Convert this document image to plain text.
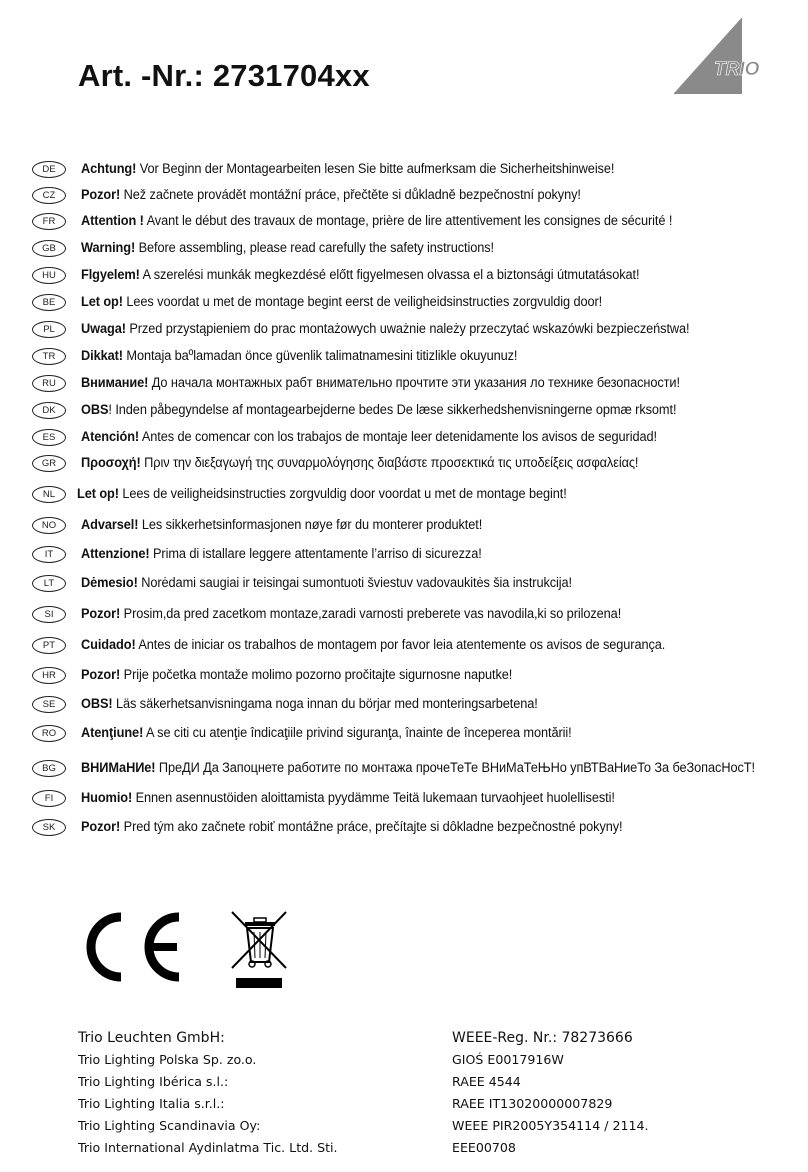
Art. -Nr.: 2731704xx	TRIO
DE	Achtung! Vor Beginn der Montagearbeiten lesen Sie bitte aufmerksam die Sicherheitshinweise!
CZ	Pozor! Než začnete provádět montážní práce, přečtěte si důkladně bezpečnostní pokyny!
FR	Attention ! Avant le début des travaux de montage, prière de lire attentivement les consignes de sécurité !
GB	Warning! Before assembling, please read carefully the safety instructions!
HU	Flgyelem! A szerelési munkák megkezdésé előtt figyelmesen olvassa el a biztonsági útmutatásokat!
BE	Let op! Lees voordat u met de montage begint eerst de veiligheidsinstructies zorgvuldig door!
PL	Uwaga! Przed przystąpieniem do prac montażowych uważnie należy przeczytać wskazówki bezpieczeństwa!
TR	Dikkat! Montaja baºlamadan önce güvenlik talimatnamesini titizlikle okuyunuz!
RU	Внимание! До начала монтажных рабт внимательно прочтите эти указания ло технике безопасности!
DK	OBS! Inden påbegyndelse af montagearbejderne bedes De læse sikkerhedshenvisningerne opmæ rksomt!
ES	Atención! Antes de comencar con los trabajos de montaje leer detenidamente los avisos de seguridad!
GR	Προσοχή! Πριν την διεξαγωγή της συναρμολόγησης διαβάστε προσεκτικά τις υποδείξεις ασφαλείας!
NL	Let op! Lees de veiligheidsinstructies zorgvuldig door voordat u met de montage begint!
NO	Advarsel! Les sikkerhetsinformasjonen nøye før du monterer produktet!
IT	Attenzione! Prima di istallare leggere attentamente l’arriso di sicurezza!
LT	Dėmesio! Norėdami saugiai ir teisingai sumontuoti šviestuv vadovaukitės šia instrukcija!
SI	Pozor! Prosim,da pred zacetkom montaze,zaradi varnosti preberete vas navodila,ki so prilozena!
PT	Cuidado! Antes de iniciar os trabalhos de montagem por favor leia atentemente os avisos de segurança.
HR	Pozor! Prije početka montaže molimo pozorno pročitajte sigurnosne naputke!
SE	OBS! Läs säkerhetsanvisningama noga innan du börjar med monteringsarbetena!
RO	Atenţiune! A se citi cu atenţie îndicaţiile privind siguranţa, înainte de începerea montării!
BG	ВНИМаНИе! ПреДИ Да Запоцнете работите по монтажа прочеТеТе ВНиМаТеЊНо упВТВаНиеТо За беЗопасНосТ!
FI	Huomio! Ennen asennustöiden aloittamista pyydämme Teitä lukemaan turvaohjeet huolellisesti!
SK	Pozor! Pred tým ako začnete robiť montážne práce, prečítajte si dôkladne bezpečnostné pokyny!
Trio Leuchten GmbH:
Trio Lighting Polska Sp. zo.o.
Trio Lighting Ibérica s.l.:
Trio Lighting Italia s.r.l.:
Trio Lighting Scandinavia Oy:
Trio International Aydinlatma Tic. Ltd. Sti.
WEEE-Reg. Nr.: 78273666
GIOŚ E0017916W
RAEE 4544
RAEE IT13020000007829
WEEE PIR2005Y354114 / 2114.
EEE00708
